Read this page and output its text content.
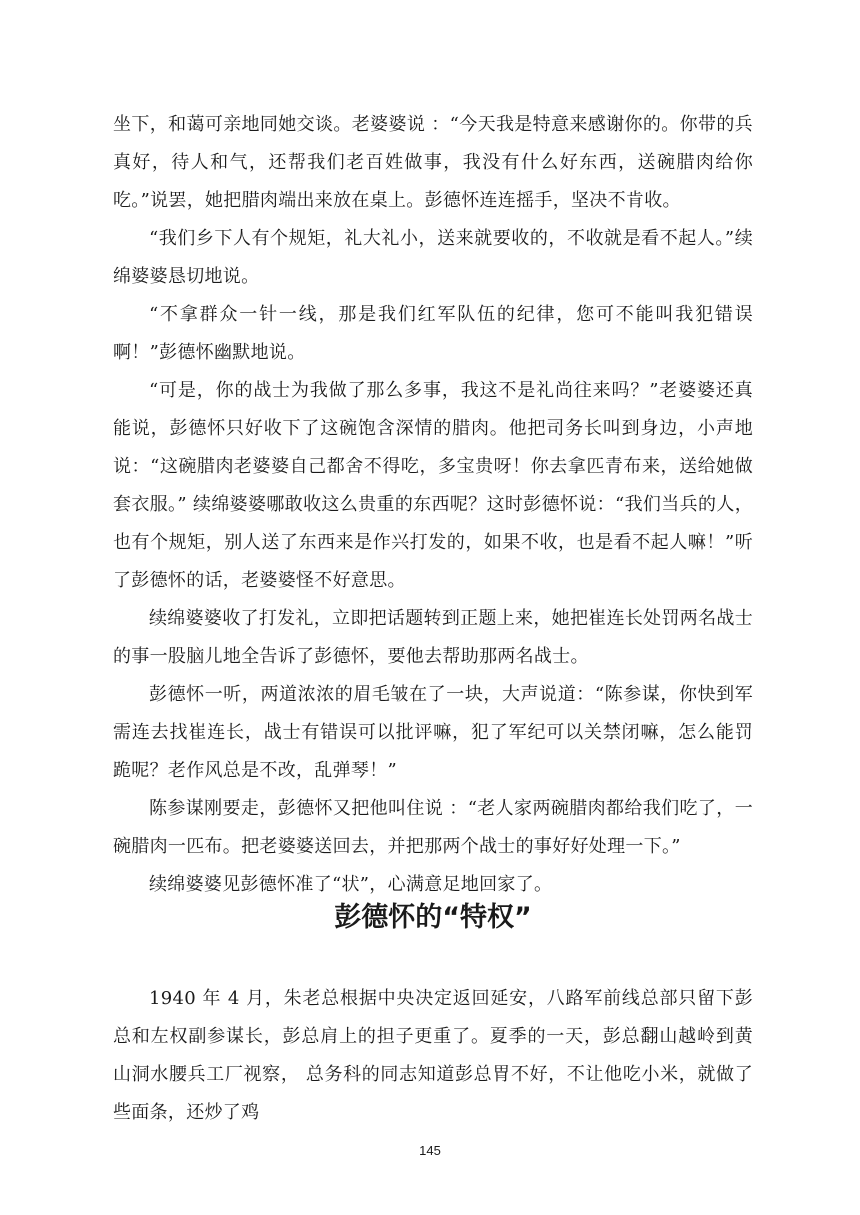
坐下，和蔼可亲地同她交谈。老婆婆说 ：“今天我是特意来感谢你的。你带的兵真好，待人和气，还帮我们老百姓做事，我没有什么好东西，送碗腊肉给你吃。”说罢，她把腊肉端出来放在桌上。彭德怀连连摇手，坚决不肯收。

“我们乡下人有个规矩，礼大礼小，送来就要收的，不收就是看不起人。”续绵婆婆恳切地说。

“不拿群众一针一线，那是我们红军队伍的纪律，您可不能叫我犯错误啊！”彭德怀幽默地说。

“可是，你的战士为我做了那么多事，我这不是礼尚往来吗？”老婆婆还真能说，彭德怀只好收下了这碗饱含深情的腊肉。他把司务长叫到身边，小声地说：“这碗腊肉老婆婆自己都舍不得吃，多宝贵呀！你去拿匹青布来，送给她做套衣服。” 续绵婆婆哪敢收这么贵重的东西呢？这时彭德怀说：“我们当兵的人，也有个规矩，别人送了东西来是作兴打发的，如果不收，也是看不起人嘛！”听了彭德怀的话，老婆婆怪不好意思。

续绵婆婆收了打发礼，立即把话题转到正题上来，她把崔连长处罚两名战士的事一股脑儿地全告诉了彭德怀，要他去帮助那两名战士。

彭德怀一听，两道浓浓的眉毛皱在了一块，大声说道：“陈参谋，你快到军需连去找崔连长，战士有错误可以批评嘛，犯了军纪可以关禁闭嘛，怎么能罚跪呢？老作风总是不改，乱弹琴！”

陈参谋刚要走，彭德怀又把他叫住说 ：“老人家两碗腊肉都给我们吃了，一碗腊肉一匹布。把老婆婆送回去，并把那两个战士的事好好处理一下。”

续绵婆婆见彭德怀准了“状”，心满意足地回家了。

彭德怀的“特权”

1940 年 4 月，朱老总根据中央决定返回延安，八路军前线总部只留下彭总和左权副参谋长，彭总肩上的担子更重了。夏季的一天，彭总翻山越岭到黄山洞水腰兵工厂视察， 总务科的同志知道彭总胃不好，不让他吃小米，就做了些面条，还炒了鸡

145
